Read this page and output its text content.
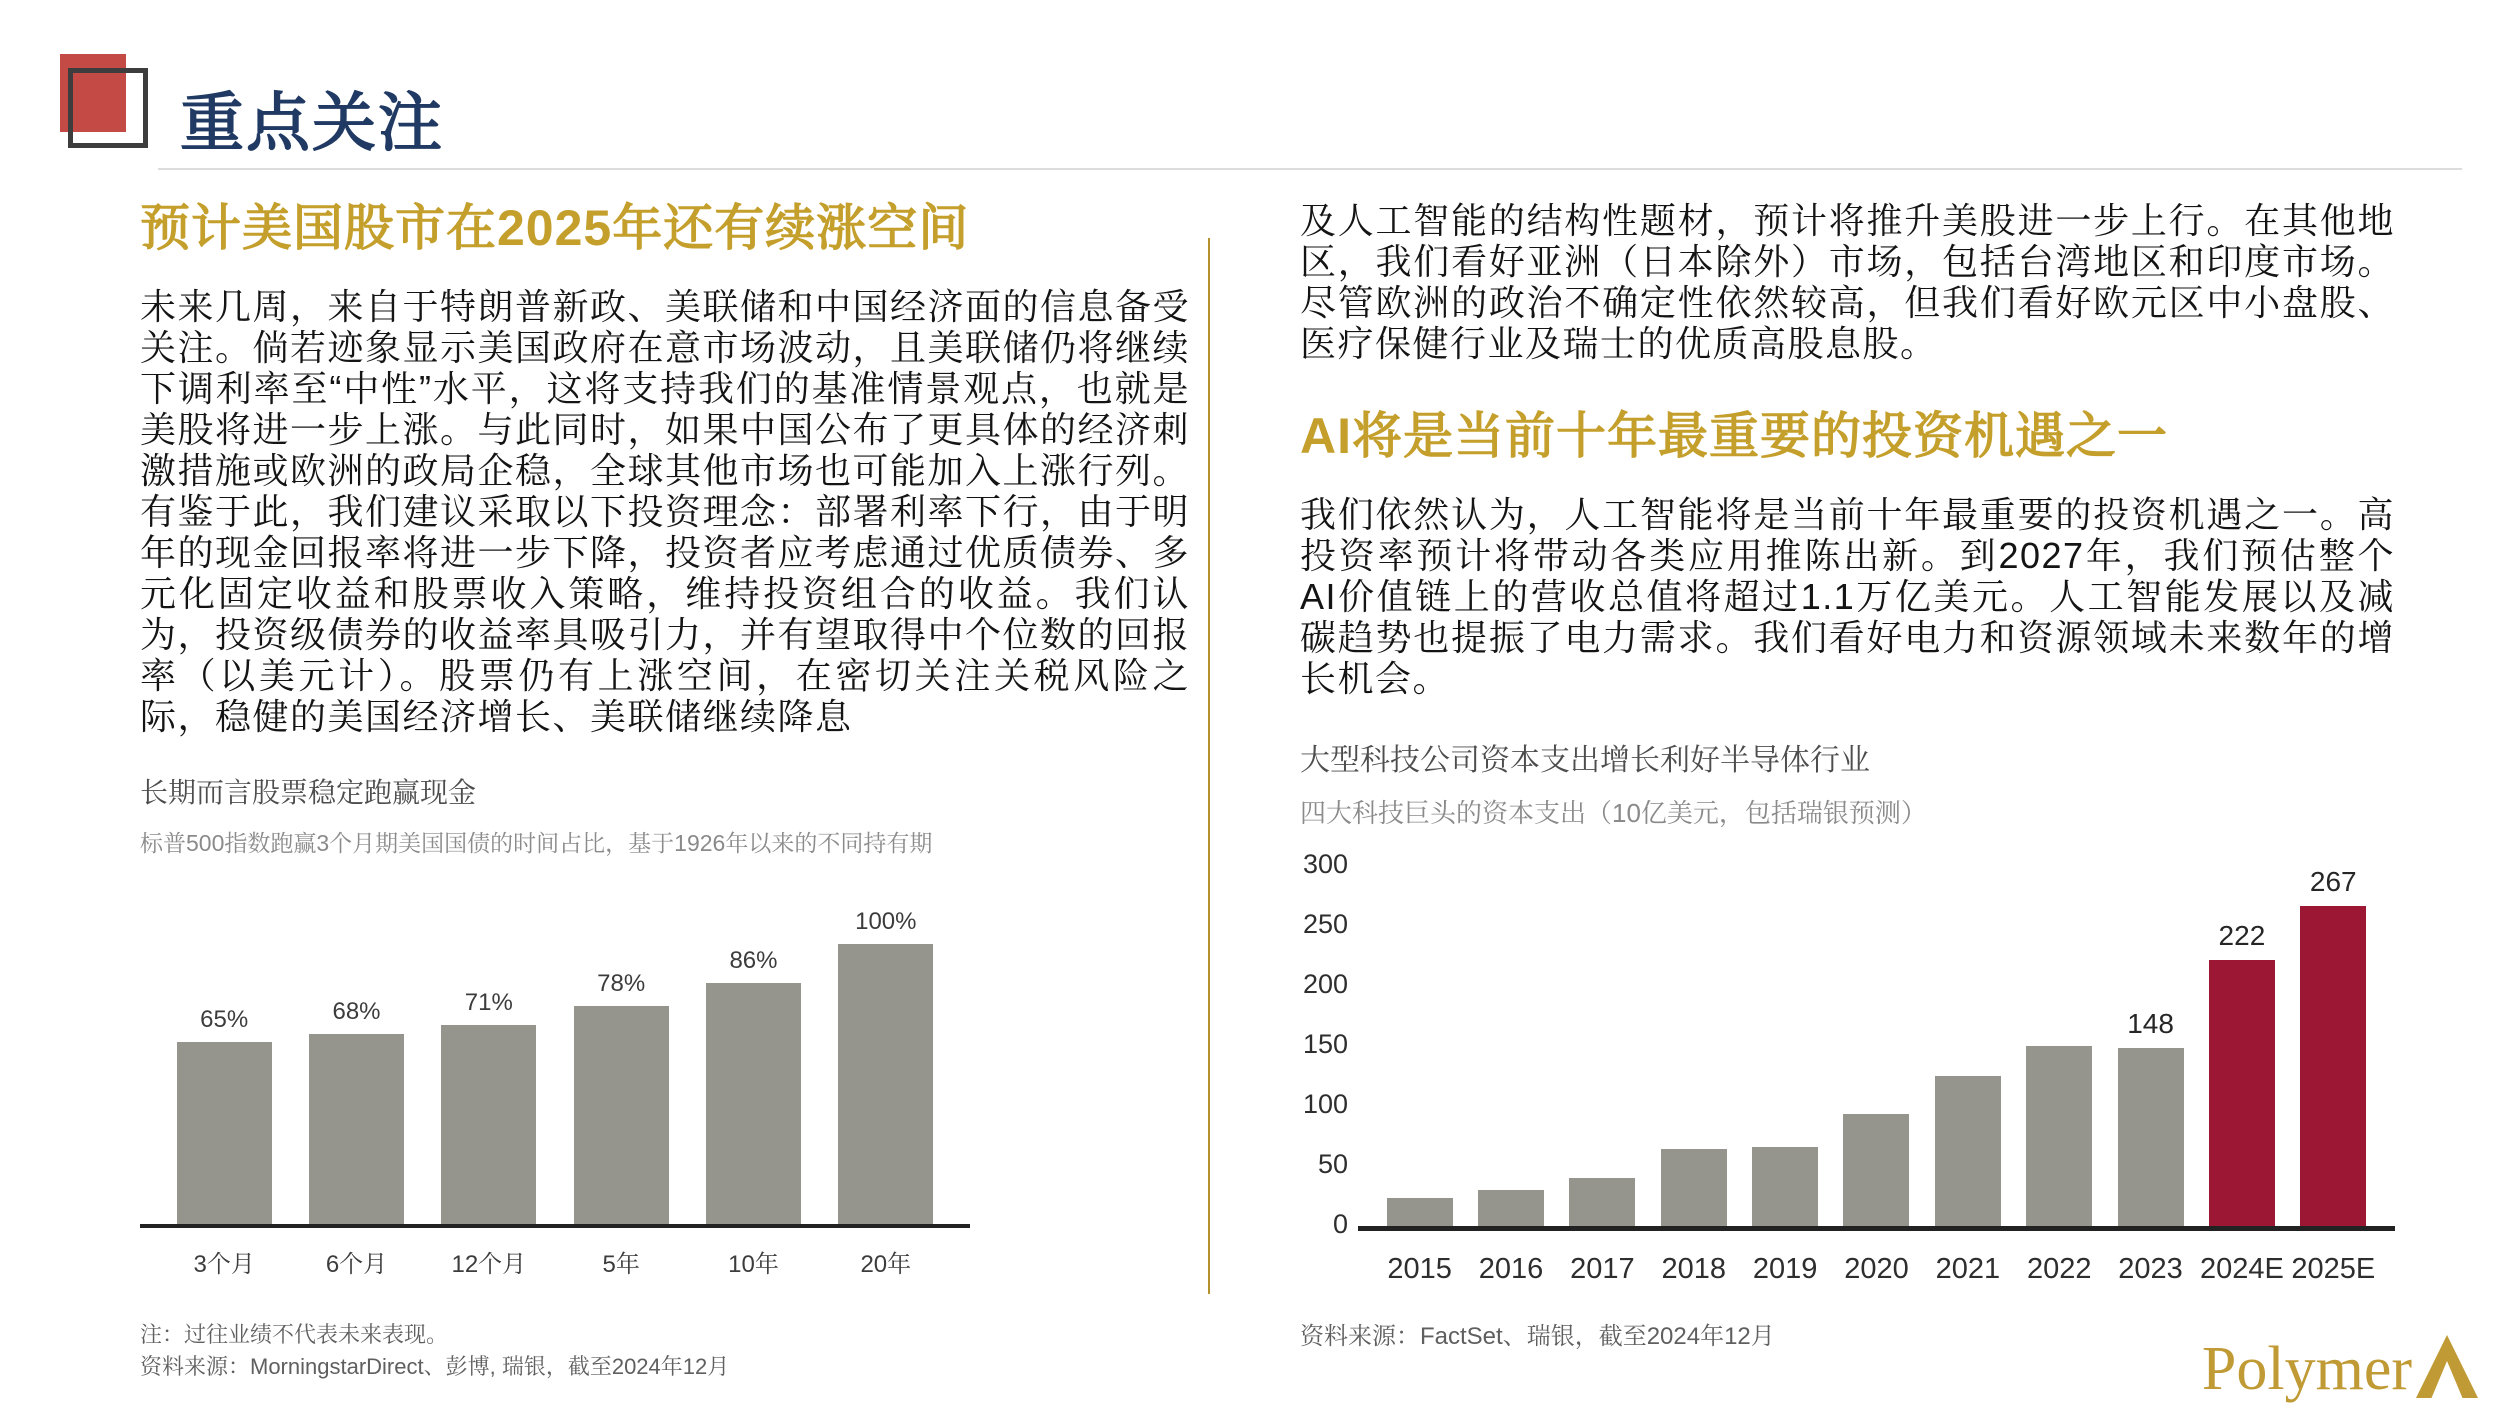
重点关注
预计美国股市在2025年还有续涨空间

未来几周，来自于特朗普新政、美联储和中国经济面的信息备受关注。倘若迹象显示美国政府在意市场波动，且美联储仍将继续下调利率至“中性”水平，这将支持我们的基准情景观点，也就是美股将进一步上涨。与此同时，如果中国公布了更具体的经济刺激措施或欧洲的政局企稳，全球其他市场也可能加入上涨行列。有鉴于此，我们建议采取以下投资理念：部署利率下行，由于明年的现金回报率将进一步下降，投资者应考虑通过优质债券、多元化固定收益和股票收入策略，维持投资组合的收益。我们认为，投资级债券的收益率具吸引力，并有望取得中个位数的回报率（以美元计）。股票仍有上涨空间，在密切关注关税风险之际，稳健的美国经济增长、美联储继续降息

长期而言股票稳定跑赢现金
标普500指数跑赢3个月期美国国债的时间占比，基于1926年以来的不同持有期
65%	68%	71%
78%
86%
100%
3个月	6个月	12个月	5年	10年	20年
注：过往业绩不代表未来表现。
资料来源：MorningstarDirect、彭博, 瑞银，截至2024年12月

及人工智能的结构性题材，预计将推升美股进一步上行。在其他地区，我们看好亚洲（日本除外）市场，包括台湾地区和印度市场。尽管欧洲的政治不确定性依然较高，但我们看好欧元区中小盘股、医疗保健行业及瑞士的优质高股息股。

AI将是当前十年最重要的投资机遇之一

我们依然认为，人工智能将是当前十年最重要的投资机遇之一。高投资率预计将带动各类应用推陈出新。到2027年，我们预估整个AI价值链上的营收总值将超过1.1万亿美元。人工智能发展以及减碳趋势也提振了电力需求。我们看好电力和资源领域未来数年的增长机会。

大型科技公司资本支出增长利好半导体行业
四大科技巨头的资本支出（10亿美元，包括瑞银预测）
0
50
100
150
200
250
300
148
222
267
2015 2016 2017 2018 2019 2020 2021 2022 2023 2024E 2025E
资料来源：FactSet、瑞银，截至2024年12月	Polymer
